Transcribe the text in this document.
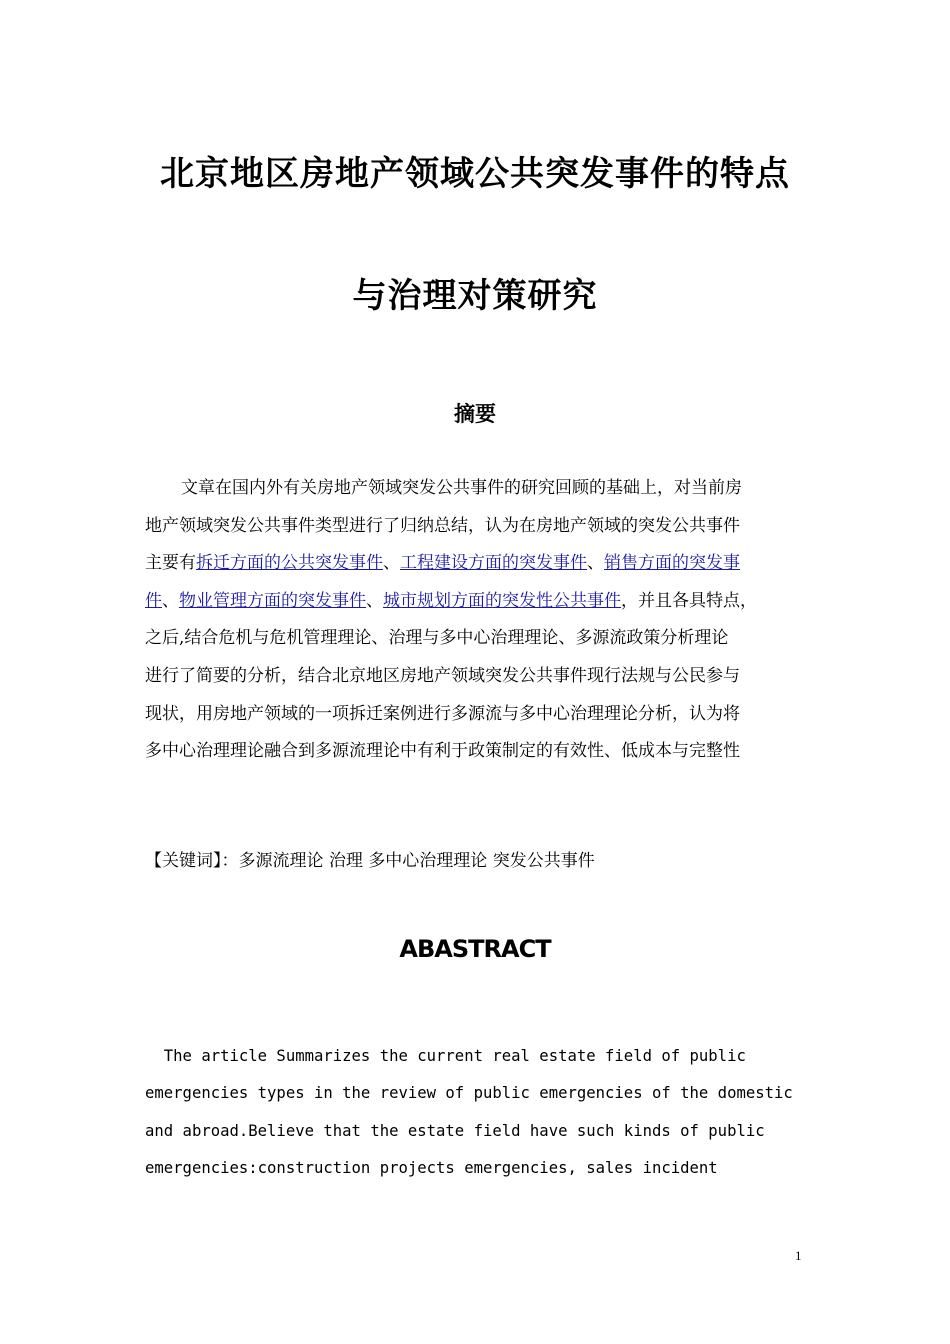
北京地区房地产领域公共突发事件的特点
与治理对策研究
摘要
文章在国内外有关房地产领域突发公共事件的研究回顾的基础上，对当前房
地产领域突发公共事件类型进行了归纳总结，认为在房地产领域的突发公共事件
主要有拆迁方面的公共突发事件、工程建设方面的突发事件、销售方面的突发事
件、物业管理方面的突发事件、城市规划方面的突发性公共事件，并且各具特点，
之后,结合危机与危机管理理论、治理与多中心治理理论、多源流政策分析理论
进行了简要的分析，结合北京地区房地产领域突发公共事件现行法规与公民参与
现状，用房地产领域的一项拆迁案例进行多源流与多中心治理理论分析，认为将
多中心治理理论融合到多源流理论中有利于政策制定的有效性、低成本与完整性
【关键词】：多源流理论 治理 多中心治理理论 突发公共事件
ABASTRACT
The article Summarizes the current real estate field of public
emergencies types in the review of public emergencies of the domestic
and abroad.Believe that the estate field have such kinds of public
emergencies:construction projects emergencies, sales incident
1
